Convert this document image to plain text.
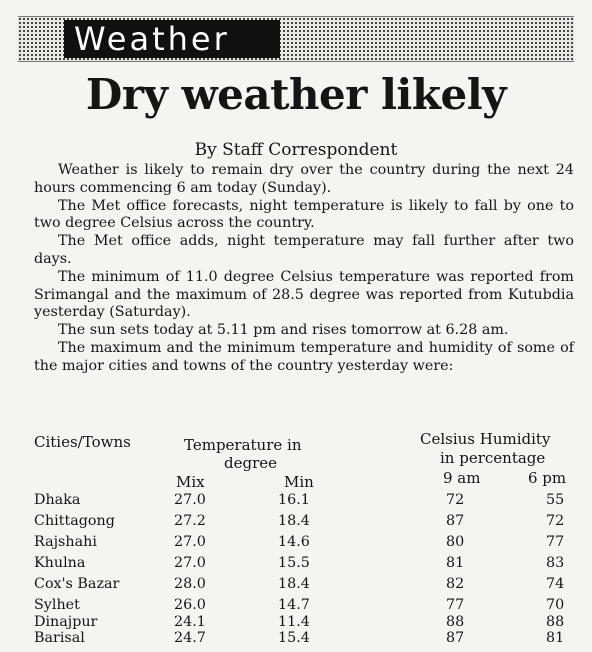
Weather
Dry weather likely
By Staff Correspondent

Weather is likely to remain dry over the country during the next 24 hours commencing 6 am today (Sunday).

The Met office forecasts, night temperature is likely to fall by one to two degree Celsius across the country.

The Met office adds, night temperature may fall further after two days.

The minimum of 11.0 degree Celsius temperature was reported from Srimangal and the maximum of 28.5 degree was reported from Kutubdia yesterday (Saturday).

The sun sets today at 5.11 pm and rises tomorrow at 6.28 am.

The maximum and the minimum temperature and humidity of some of the major cities and towns of the country yesterday were:

Cities/Towns	Temperature in
degree
Celsius Humidity
in percentage
Mix	Min	9 am	6 pm
Dhaka	27.0	16.1	72	55
Chittagong	27.2	18.4	87	72
Rajshahi	27.0	14.6	80	77
Khulna	27.0	15.5	81	83
Cox's Bazar	28.0	18.4	82	74
Sylhet	26.0	14.7	77	70
Dinajpur	24.1	11.4	88	88
Barisal	24.7	15.4	87	81
